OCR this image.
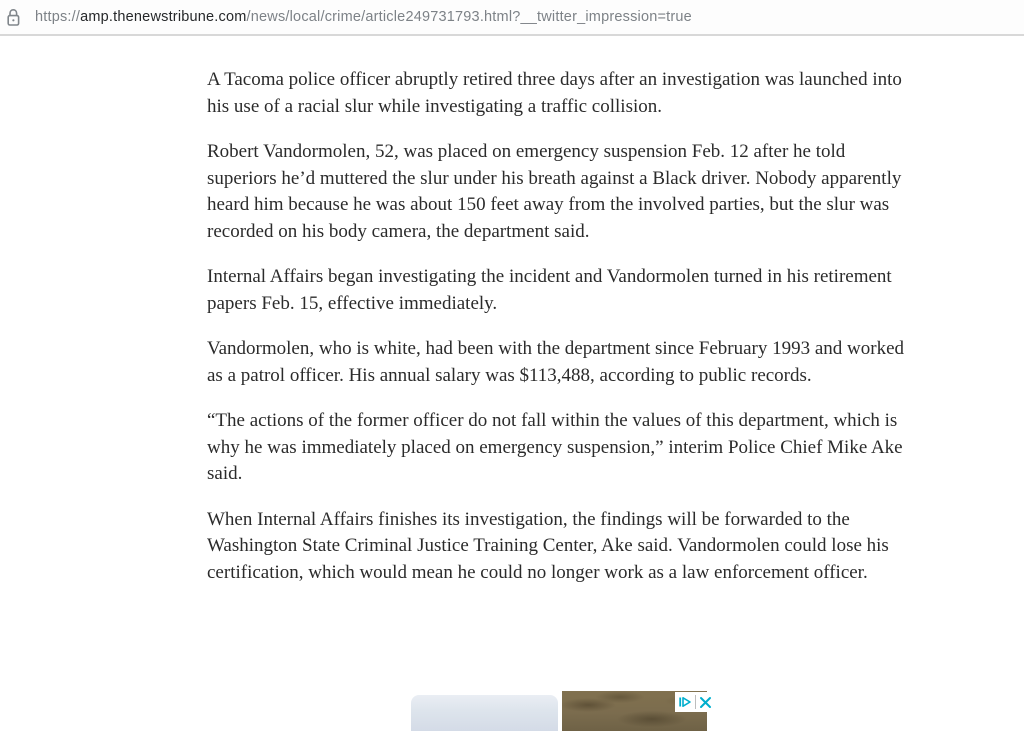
https://amp.thenewstribune.com/news/local/crime/article249731793.html?__twitter_impression=true

A Tacoma police officer abruptly retired three days after an investigation was launched into his use of a racial slur while investigating a traffic collision.

Robert Vandormolen, 52, was placed on emergency suspension Feb. 12 after he told superiors he’d muttered the slur under his breath against a Black driver. Nobody apparently heard him because he was about 150 feet away from the involved parties, but the slur was recorded on his body camera, the department said.

Internal Affairs began investigating the incident and Vandormolen turned in his retirement papers Feb. 15, effective immediately.

Vandormolen, who is white, had been with the department since February 1993 and worked as a patrol officer. His annual salary was $113,488, according to public records.

“The actions of the former officer do not fall within the values of this department, which is why he was immediately placed on emergency suspension,” interim Police Chief Mike Ake said.

When Internal Affairs finishes its investigation, the findings will be forwarded to the Washington State Criminal Justice Training Center, Ake said. Vandormolen could lose his certification, which would mean he could no longer work as a law enforcement officer.
